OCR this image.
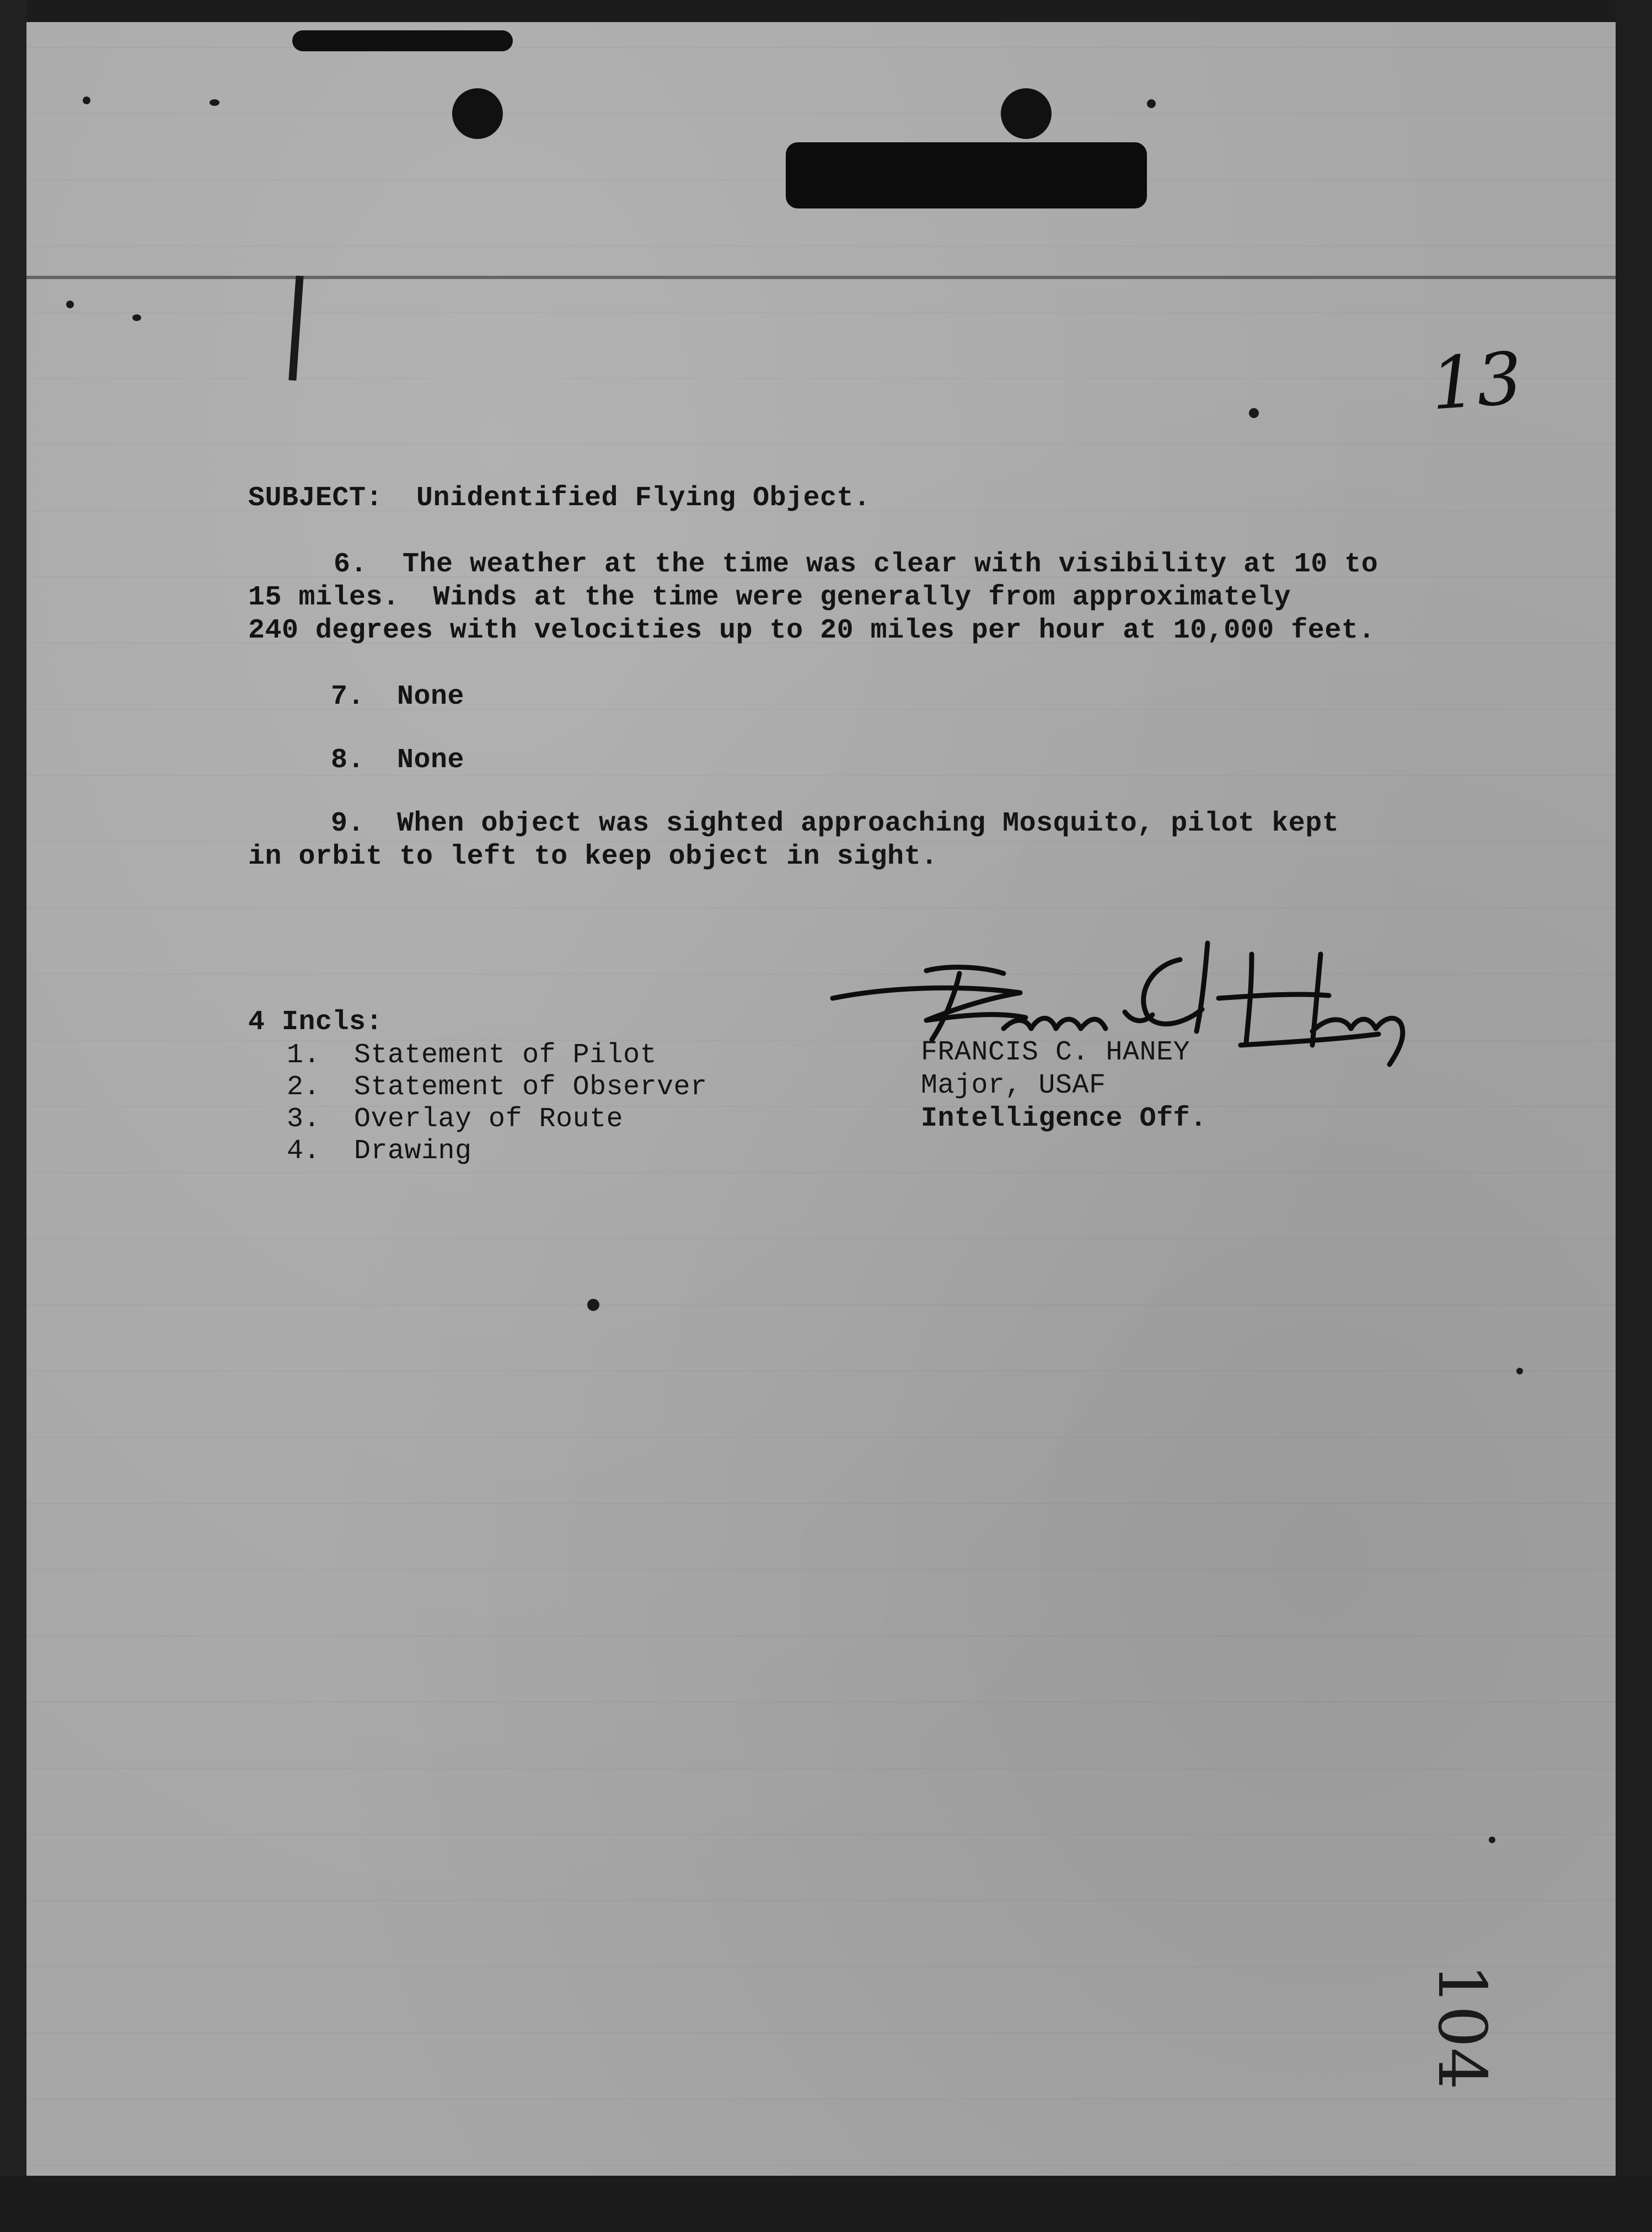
13
SUBJECT: Unidentified Flying Object.
6. The weather at the time was clear with visibility at 10 to
15 miles.  Winds at the time were generally from approximately
240 degrees with velocities up to 20 miles per hour at 10,000 feet.
7. None
8. None
9. When object was sighted approaching Mosquito, pilot kept
in orbit to left to keep object in sight.
4 Incls:
1.  Statement of Pilot
2.  Statement of Observer
3.  Overlay of Route
4.  Drawing
FRANCIS C. HANEY
Major, USAF
Intelligence Off.
104
